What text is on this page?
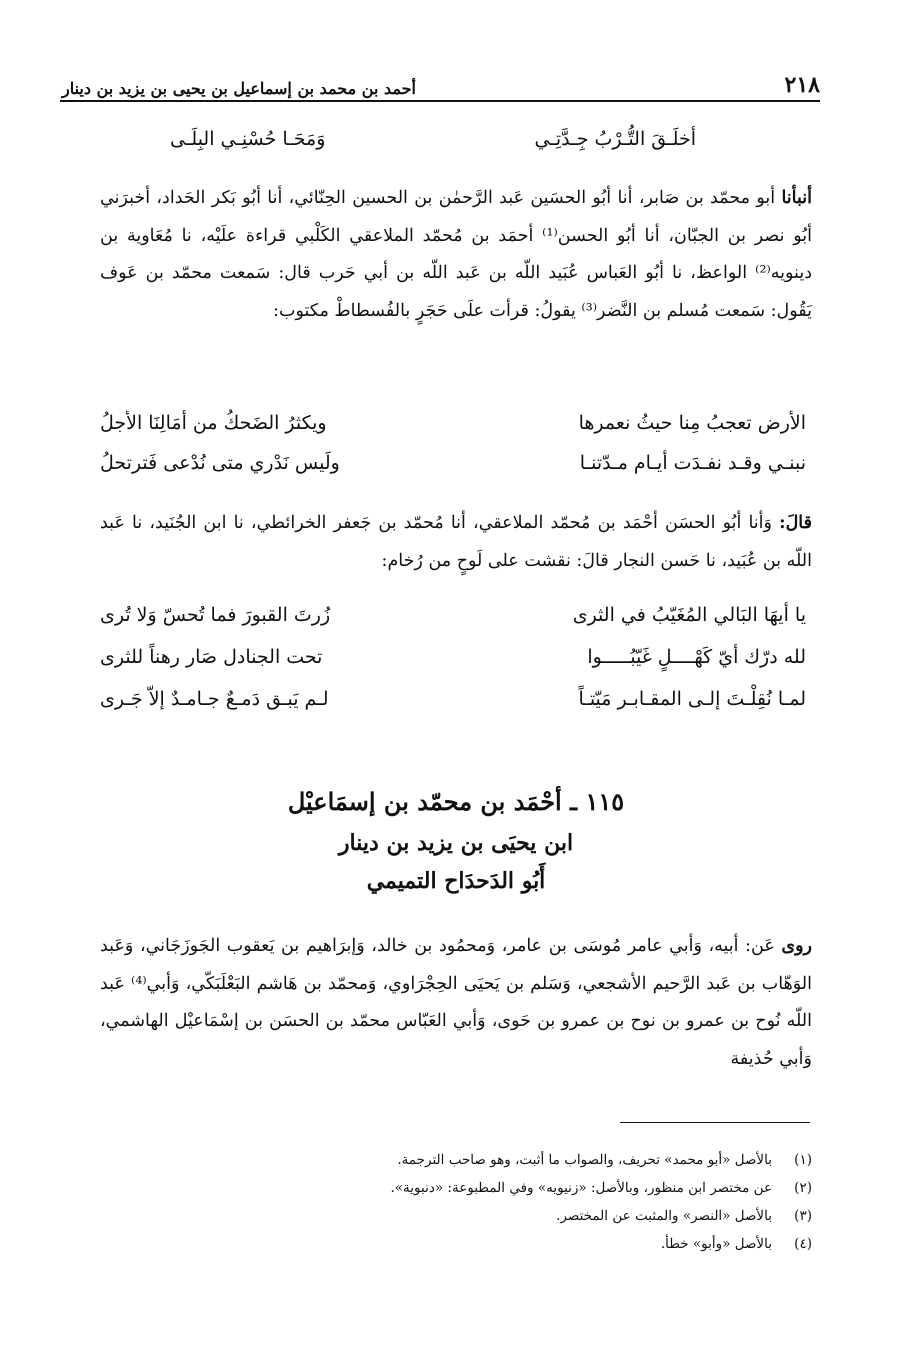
٢١٨
أحمد بن محمد بن إسماعيل بن يحيى بن يزيد بن دينار
أخلَـقَ التُّـرْبُ جِـدَّتِـي
وَمَحَـا حُسْنِـي البِلَـى
أنبأنا أبو محمّد بن صَابر، أنا أبُو الحسَين عَبد الرَّحمٰن بن الحسين الحِنّائي، أنا أبُو بَكر الحَداد، أخبرَني أبُو نصر بن الجبّان، أنا أبُو الحسن⁽¹⁾ أحمَد بن مُحمّد الملاعقي الكَلْبي قراءة علَيْه، نا مُعَاوية بن دينويه⁽²⁾ الواعظ، نا أبُو العَباس عُبَيد اللّه بن عَبد اللّه بن أبي حَرب قال: سَمعت محمّد بن عَوف يَقُول: سَمعت مُسلم بن النَّضر⁽³⁾ يقولُ: قرأت علَى حَجَرٍ بالفُسطاطْ مكتوب:
الأرض تعجبُ مِنا حيثُ نعمرها
ويكثرُ الضَحكُ من أمَالِنَا الأجلُ
نبنـي وقـد نفـدَت أيـام مـدّتنـا
ولَيس نَدْري متى نُدْعى فَترتحلُ
قالَ: وَأنا أبُو الحسَن أحْمَد بن مُحمّد الملاعقي، أنا مُحمّد بن جَعفر الخرائطي، نا ابن الجُنَيد، نا عَبد اللّه بن عُبَيد، نا حَسن النجار قالَ: نقشت على لَوحٍ من رُخام:
يا أيهَا البَالي المُغَيّبُ في الثرى
زُرتَ القبورَ فما تُحسّ وَلا تُرى
لله درّك أيّ كَهْــــلٍ غَيّبُـــــوا
تحت الجنادل صَار رهناً للثرى
لمـا نُقِلْـتَ إلـى المقـابـر مَيّتـاً
لـم يَبـق دَمـعٌ جـامـدٌ إلاّ جَـرى
١١٥ ـ أحْمَد بن محمّد بن إسمَاعيْل
ابن يحيَى بن يزيد بن دينار
أَبُو الدَحدَاح التميمي
روى عَن: أبيه، وَأبي عامر مُوسَى بن عامر، وَمحمُود بن خالد، وَإبرَاهيم بن يَعقوب الجَوزَجَاني، وَعَبد الوَهّاب بن عَبد الرَّحيم الأشجعي، وَسَلم بن يَحيَى الحِجْرَاوي، وَمحمّد بن هَاشم البَعْلَبَكّي، وَأبي⁽⁴⁾ عَبد اللّه نُوح بن عمرو بن نوح بن عمرو بن حَوى، وَأبي العَبّاس محمّد بن الحسَن بن إسْمَاعيْل الهاشمي، وَأبي حُذيفة
(١)
بالأصل «أبو محمد» تحريف، والصواب ما أثبت، وهو صاحب الترجمة.
(٢)
عن مختصر ابن منظور، وبالأصل: «زنيويه» وفي المطبوعة: «دنبوية».
(٣)
بالأصل «النصر» والمثبت عن المختصر.
(٤)
بالأصل «وأبو» خطأ.
